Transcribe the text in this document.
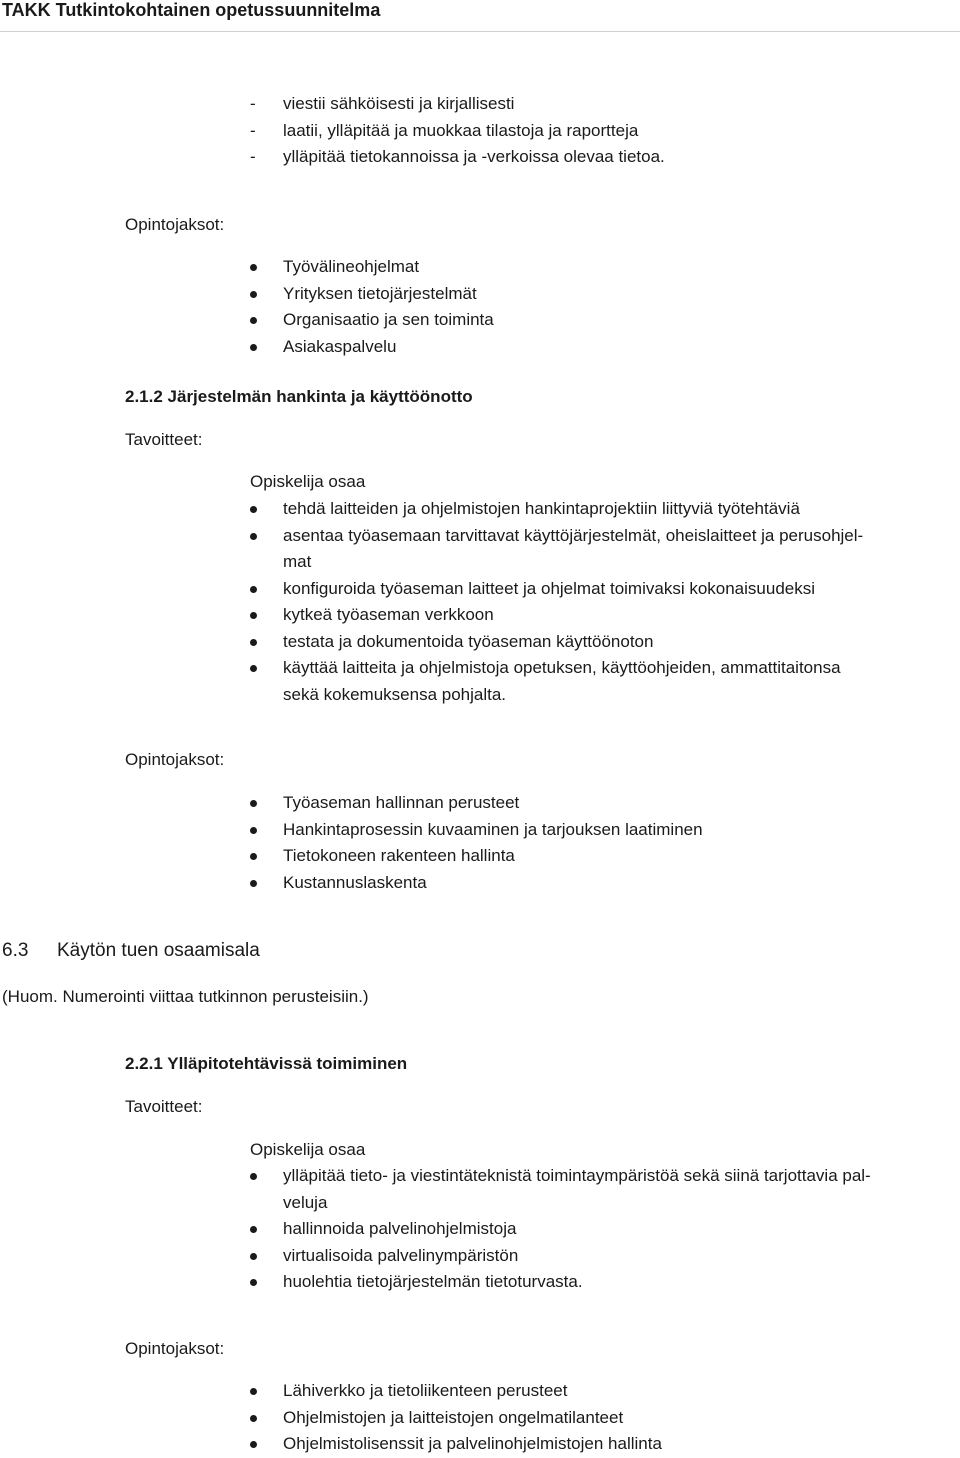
TAKK Tutkintokohtainen opetussuunnitelma
- viestii sähköisesti ja kirjallisesti
- laatii, ylläpitää ja muokkaa tilastoja ja raportteja
- ylläpitää tietokannoissa ja -verkoissa olevaa tietoa.
Opintojaksot:
Työvälineohjelmat
Yrityksen tietojärjestelmät
Organisaatio ja sen toiminta
Asiakaspalvelu
2.1.2 Järjestelmän hankinta ja käyttöönotto
Tavoitteet:
Opiskelija osaa
tehdä laitteiden ja ohjelmistojen hankintaprojektiin liittyviä työtehtäviä
asentaa työasemaan tarvittavat käyttöjärjestelmät, oheislaitteet ja perusohjel-
mat
konfiguroida työaseman laitteet ja ohjelmat toimivaksi kokonaisuudeksi
kytkeä työaseman verkkoon
testata ja dokumentoida työaseman käyttöönoton
käyttää laitteita ja ohjelmistoja opetuksen, käyttöohjeiden, ammattitaitonsa
sekä kokemuksensa pohjalta.
Opintojaksot:
Työaseman hallinnan perusteet
Hankintaprosessin kuvaaminen ja tarjouksen laatiminen
Tietokoneen rakenteen hallinta
Kustannuslaskenta
6.3 Käytön tuen osaamisala
(Huom. Numerointi viittaa tutkinnon perusteisiin.)
2.2.1 Ylläpitotehtävissä toimiminen
Tavoitteet:
Opiskelija osaa
ylläpitää tieto- ja viestintäteknistä toimintaympäristöä sekä siinä tarjottavia pal-
veluja
hallinnoida palvelinohjelmistoja
virtualisoida palvelinympäristön
huolehtia tietojärjestelmän tietoturvasta.
Opintojaksot:
Lähiverkko ja tietoliikenteen perusteet
Ohjelmistojen ja laitteistojen ongelmatilanteet
Ohjelmistolisenssit ja palvelinohjelmistojen hallinta
